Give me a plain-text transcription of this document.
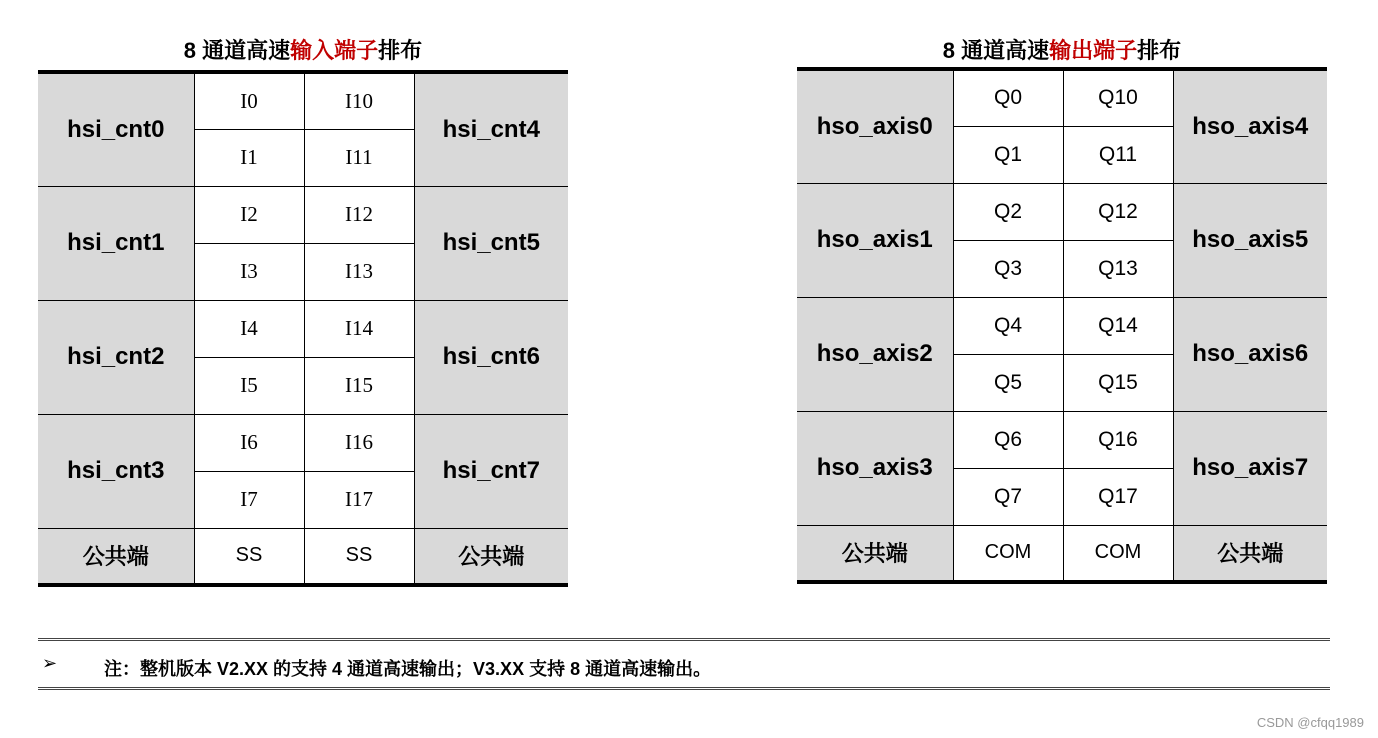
8 通道高速输入端子排布
hsi_cnt0	I0	I10	hsi_cnt4
	I1	I11	
hsi_cnt1	I2	I12	hsi_cnt5
	I3	I13	
hsi_cnt2	I4	I14	hsi_cnt6
	I5	I15	
hsi_cnt3	I6	I16	hsi_cnt7
	I7	I17	
公共端	SS	SS	公共端
8 通道高速输出端子排布
hso_axis0	Q0	Q10	hso_axis4
	Q1	Q11	
hso_axis1	Q2	Q12	hso_axis5
	Q3	Q13	
hso_axis2	Q4	Q14	hso_axis6
	Q5	Q15	
hso_axis3	Q6	Q16	hso_axis7
	Q7	Q17	
公共端	COM	COM	公共端
➢	注：整机版本 V2.XX 的支持 4 通道高速输出；V3.XX 支持 8 通道高速输出。
CSDN @cfqq1989
